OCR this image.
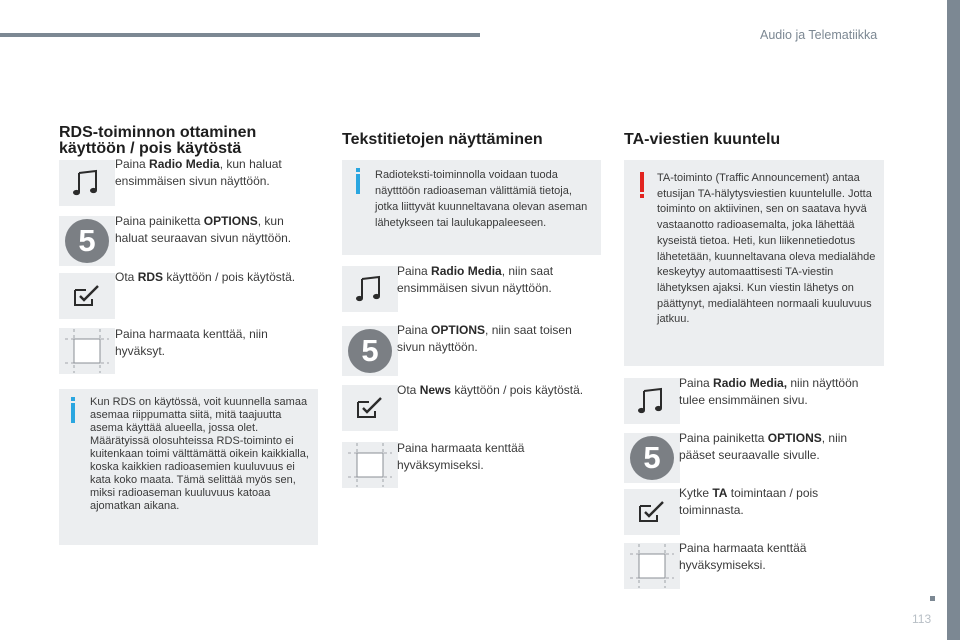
Audio ja Telematiikka
113
RDS-toiminnon ottaminen käyttöön / pois käytöstä
Paina Radio Media, kun haluat ensimmäisen sivun näyttöön.
5
Paina painiketta OPTIONS, kun haluat seuraavan sivun näyttöön.
Ota RDS käyttöön / pois käytöstä.
Paina harmaata kenttää, niin hyväksyt.
Kun RDS on käytössä, voit kuunnella samaa asemaa riippumatta siitä, mitä taajuutta asema käyttää alueella, jossa olet. Määrätyissä olosuhteissa RDS-toiminto ei kuitenkaan toimi välttämättä oikein kaikkialla, koska kaikkien radioasemien kuuluvuus ei kata koko maata. Tämä selittää myös sen, miksi radioaseman kuuluvuus katoaa ajomatkan aikana.
Tekstitietojen näyttäminen
Radioteksti-toiminnolla voidaan tuoda näytttöön radioaseman välittämiä tietoja, jotka liittyvät kuunneltavana olevan aseman lähetykseen tai laulukappaleeseen.
Paina Radio Media, niin saat ensimmäisen sivun näyttöön.
5
Paina OPTIONS, niin saat toisen sivun näyttöön.
Ota News käyttöön / pois käytöstä.
Paina harmaata kenttää hyväksymiseksi.
TA-viestien kuuntelu
TA-toiminto (Traffic Announcement) antaa etusijan TA-hälytysviestien kuuntelulle. Jotta toiminto on aktiivinen, sen on saatava hyvä vastaanotto radioasemalta, joka lähettää kyseistä tietoa. Heti, kun liikennetiedotus lähetetään, kuunneltavana oleva medialähde keskeytyy automaattisesti TA-viestin lähetyksen ajaksi. Kun viestin lähetys on päättynyt, medialähteen normaali kuuluvuus jatkuu.
Paina Radio Media, niin näyttöön tulee ensimmäinen sivu.
5
Paina painiketta OPTIONS, niin pääset seuraavalle sivulle.
Kytke TA toimintaan / pois toiminnasta.
Paina harmaata kenttää hyväksymiseksi.
